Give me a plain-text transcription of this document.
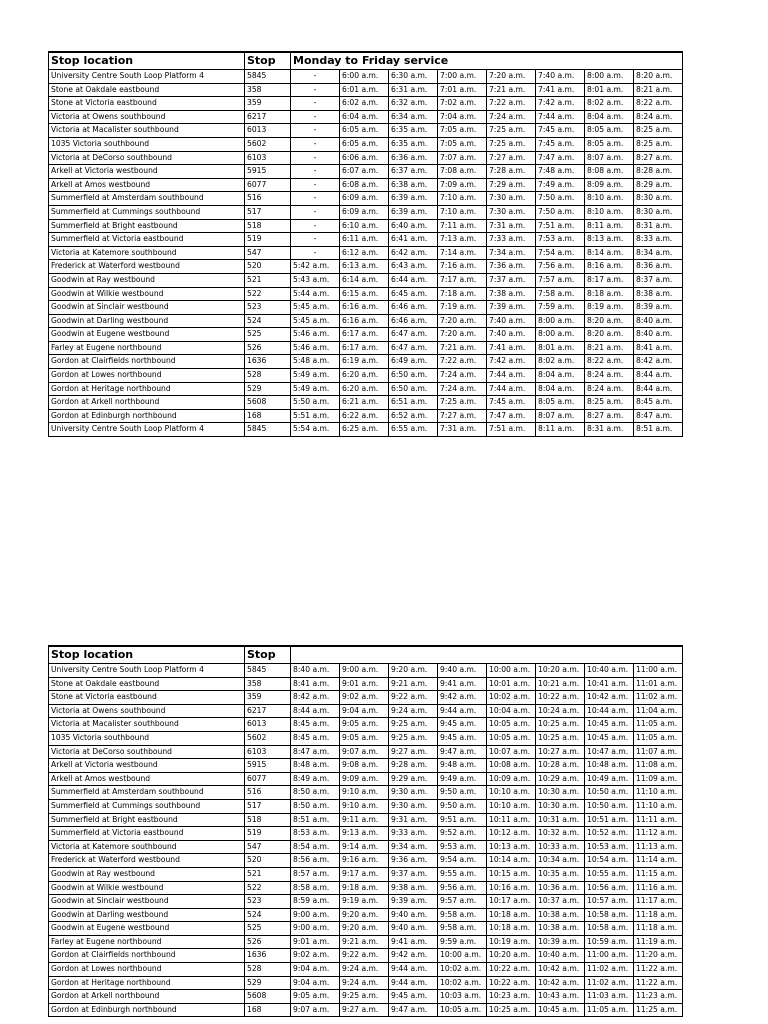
Stop location	Stop	Monday to Friday service							
University Centre South Loop Platform 4	5845	-	6:00 a.m.	6:30 a.m.	7:00 a.m.	7:20 a.m.	7:40 a.m.	8:00 a.m.	8:20 a.m.
Stone at Oakdale eastbound	358	-	6:01 a.m.	6:31 a.m.	7:01 a.m.	7:21 a.m.	7:41 a.m.	8:01 a.m.	8:21 a.m.
Stone at Victoria eastbound	359	-	6:02 a.m.	6:32 a.m.	7:02 a.m.	7:22 a.m.	7:42 a.m.	8:02 a.m.	8:22 a.m.
Victoria at Owens southbound	6217	-	6:04 a.m.	6:34 a.m.	7:04 a.m.	7:24 a.m.	7:44 a.m.	8:04 a.m.	8:24 a.m.
Victoria at Macalister southbound	6013	-	6:05 a.m.	6:35 a.m.	7:05 a.m.	7:25 a.m.	7:45 a.m.	8:05 a.m.	8:25 a.m.
1035 Victoria southbound	5602	-	6:05 a.m.	6:35 a.m.	7:05 a.m.	7:25 a.m.	7:45 a.m.	8:05 a.m.	8:25 a.m.
Victoria at DeCorso southbound	6103	-	6:06 a.m.	6:36 a.m.	7:07 a.m.	7:27 a.m.	7:47 a.m.	8:07 a.m.	8:27 a.m.
Arkell at Victoria westbound	5915	-	6:07 a.m.	6:37 a.m.	7:08 a.m.	7:28 a.m.	7:48 a.m.	8:08 a.m.	8:28 a.m.
Arkell at Amos westbound	6077	-	6:08 a.m.	6:38 a.m.	7:09 a.m.	7:29 a.m.	7:49 a.m.	8:09 a.m.	8:29 a.m.
Summerfield at Amsterdam southbound	516	-	6:09 a.m.	6:39 a.m.	7:10 a.m.	7:30 a.m.	7:50 a.m.	8:10 a.m.	8:30 a.m.
Summerfield at Cummings southbound	517	-	6:09 a.m.	6:39 a.m.	7:10 a.m.	7:30 a.m.	7:50 a.m.	8:10 a.m.	8:30 a.m.
Summerfield at Bright eastbound	518	-	6:10 a.m.	6:40 a.m.	7:11 a.m.	7:31 a.m.	7:51 a.m.	8:11 a.m.	8:31 a.m.
Summerfield at Victoria eastbound	519	-	6:11 a.m.	6:41 a.m.	7:13 a.m.	7:33 a.m.	7:53 a.m.	8:13 a.m.	8:33 a.m.
Victoria at Katemore southbound	547	-	6:12 a.m.	6:42 a.m.	7:14 a.m.	7:34 a.m.	7:54 a.m.	8:14 a.m.	8:34 a.m.
Frederick at Waterford westbound	520	5:42 a.m.	6:13 a.m.	6:43 a.m.	7:16 a.m.	7:36 a.m.	7:56 a.m.	8:16 a.m.	8:36 a.m.
Goodwin at Ray westbound	521	5:43 a.m.	6:14 a.m.	6:44 a.m.	7:17 a.m.	7:37 a.m.	7:57 a.m.	8:17 a.m.	8:37 a.m.
Goodwin at Wilkie westbound	522	5:44 a.m.	6:15 a.m.	6:45 a.m.	7:18 a.m.	7:38 a.m.	7:58 a.m.	8:18 a.m.	8:38 a.m.
Goodwin at Sinclair westbound	523	5:45 a.m.	6:16 a.m.	6:46 a.m.	7:19 a.m.	7:39 a.m.	7:59 a.m.	8:19 a.m.	8:39 a.m.
Goodwin at Darling westbound	524	5:45 a.m.	6:16 a.m.	6:46 a.m.	7:20 a.m.	7:40 a.m.	8:00 a.m.	8:20 a.m.	8:40 a.m.
Goodwin at Eugene westbound	525	5:46 a.m.	6:17 a.m.	6:47 a.m.	7:20 a.m.	7:40 a.m.	8:00 a.m.	8:20 a.m.	8:40 a.m.
Farley at Eugene northbound	526	5:46 a.m.	6:17 a.m.	6:47 a.m.	7:21 a.m.	7:41 a.m.	8:01 a.m.	8:21 a.m.	8:41 a.m.
Gordon at Clairfields northbound	1636	5:48 a.m.	6:19 a.m.	6:49 a.m.	7:22 a.m.	7:42 a.m.	8:02 a.m.	8:22 a.m.	8:42 a.m.
Gordon at Lowes northbound	528	5:49 a.m.	6:20 a.m.	6:50 a.m.	7:24 a.m.	7:44 a.m.	8:04 a.m.	8:24 a.m.	8:44 a.m.
Gordon at Heritage northbound	529	5:49 a.m.	6:20 a.m.	6:50 a.m.	7:24 a.m.	7:44 a.m.	8:04 a.m.	8:24 a.m.	8:44 a.m.
Gordon at Arkell northbound	5608	5:50 a.m.	6:21 a.m.	6:51 a.m.	7:25 a.m.	7:45 a.m.	8:05 a.m.	8:25 a.m.	8:45 a.m.
Gordon at Edinburgh northbound	168	5:51 a.m.	6:22 a.m.	6:52 a.m.	7:27 a.m.	7:47 a.m.	8:07 a.m.	8:27 a.m.	8:47 a.m.
University Centre South Loop Platform 4	5845	5:54 a.m.	6:25 a.m.	6:55 a.m.	7:31 a.m.	7:51 a.m.	8:11 a.m.	8:31 a.m.	8:51 a.m.
Stop location	Stop								
University Centre South Loop Platform 4	5845	8:40 a.m.	9:00 a.m.	9:20 a.m.	9:40 a.m.	10:00 a.m.	10:20 a.m.	10:40 a.m.	11:00 a.m.
Stone at Oakdale eastbound	358	8:41 a.m.	9:01 a.m.	9:21 a.m.	9:41 a.m.	10:01 a.m.	10:21 a.m.	10:41 a.m.	11:01 a.m.
Stone at Victoria eastbound	359	8:42 a.m.	9:02 a.m.	9:22 a.m.	9:42 a.m.	10:02 a.m.	10:22 a.m.	10:42 a.m.	11:02 a.m.
Victoria at Owens southbound	6217	8:44 a.m.	9:04 a.m.	9:24 a.m.	9:44 a.m.	10:04 a.m.	10:24 a.m.	10:44 a.m.	11:04 a.m.
Victoria at Macalister southbound	6013	8:45 a.m.	9:05 a.m.	9:25 a.m.	9:45 a.m.	10:05 a.m.	10:25 a.m.	10:45 a.m.	11:05 a.m.
1035 Victoria southbound	5602	8:45 a.m.	9:05 a.m.	9:25 a.m.	9:45 a.m.	10:05 a.m.	10:25 a.m.	10:45 a.m.	11:05 a.m.
Victoria at DeCorso southbound	6103	8:47 a.m.	9:07 a.m.	9:27 a.m.	9:47 a.m.	10:07 a.m.	10:27 a.m.	10:47 a.m.	11:07 a.m.
Arkell at Victoria westbound	5915	8:48 a.m.	9:08 a.m.	9:28 a.m.	9:48 a.m.	10:08 a.m.	10:28 a.m.	10:48 a.m.	11:08 a.m.
Arkell at Amos westbound	6077	8:49 a.m.	9:09 a.m.	9:29 a.m.	9:49 a.m.	10:09 a.m.	10:29 a.m.	10:49 a.m.	11:09 a.m.
Summerfield at Amsterdam southbound	516	8:50 a.m.	9:10 a.m.	9:30 a.m.	9:50 a.m.	10:10 a.m.	10:30 a.m.	10:50 a.m.	11:10 a.m.
Summerfield at Cummings southbound	517	8:50 a.m.	9:10 a.m.	9:30 a.m.	9:50 a.m.	10:10 a.m.	10:30 a.m.	10:50 a.m.	11:10 a.m.
Summerfield at Bright eastbound	518	8:51 a.m.	9:11 a.m.	9:31 a.m.	9:51 a.m.	10:11 a.m.	10:31 a.m.	10:51 a.m.	11:11 a.m.
Summerfield at Victoria eastbound	519	8:53 a.m.	9:13 a.m.	9:33 a.m.	9:52 a.m.	10:12 a.m.	10:32 a.m.	10:52 a.m.	11:12 a.m.
Victoria at Katemore southbound	547	8:54 a.m.	9:14 a.m.	9:34 a.m.	9:53 a.m.	10:13 a.m.	10:33 a.m.	10:53 a.m.	11:13 a.m.
Frederick at Waterford westbound	520	8:56 a.m.	9:16 a.m.	9:36 a.m.	9:54 a.m.	10:14 a.m.	10:34 a.m.	10:54 a.m.	11:14 a.m.
Goodwin at Ray westbound	521	8:57 a.m.	9:17 a.m.	9:37 a.m.	9:55 a.m.	10:15 a.m.	10:35 a.m.	10:55 a.m.	11:15 a.m.
Goodwin at Wilkie westbound	522	8:58 a.m.	9:18 a.m.	9:38 a.m.	9:56 a.m.	10:16 a.m.	10:36 a.m.	10:56 a.m.	11:16 a.m.
Goodwin at Sinclair westbound	523	8:59 a.m.	9:19 a.m.	9:39 a.m.	9:57 a.m.	10:17 a.m.	10:37 a.m.	10:57 a.m.	11:17 a.m.
Goodwin at Darling westbound	524	9:00 a.m.	9:20 a.m.	9:40 a.m.	9:58 a.m.	10:18 a.m.	10:38 a.m.	10:58 a.m.	11:18 a.m.
Goodwin at Eugene westbound	525	9:00 a.m.	9:20 a.m.	9:40 a.m.	9:58 a.m.	10:18 a.m.	10:38 a.m.	10:58 a.m.	11:18 a.m.
Farley at Eugene northbound	526	9:01 a.m.	9:21 a.m.	9:41 a.m.	9:59 a.m.	10:19 a.m.	10:39 a.m.	10:59 a.m.	11:19 a.m.
Gordon at Clairfields northbound	1636	9:02 a.m.	9:22 a.m.	9:42 a.m.	10:00 a.m.	10:20 a.m.	10:40 a.m.	11:00 a.m.	11:20 a.m.
Gordon at Lowes northbound	528	9:04 a.m.	9:24 a.m.	9:44 a.m.	10:02 a.m.	10:22 a.m.	10:42 a.m.	11:02 a.m.	11:22 a.m.
Gordon at Heritage northbound	529	9:04 a.m.	9:24 a.m.	9:44 a.m.	10:02 a.m.	10:22 a.m.	10:42 a.m.	11:02 a.m.	11:22 a.m.
Gordon at Arkell northbound	5608	9:05 a.m.	9:25 a.m.	9:45 a.m.	10:03 a.m.	10:23 a.m.	10:43 a.m.	11:03 a.m.	11:23 a.m.
Gordon at Edinburgh northbound	168	9:07 a.m.	9:27 a.m.	9:47 a.m.	10:05 a.m.	10:25 a.m.	10:45 a.m.	11:05 a.m.	11:25 a.m.
